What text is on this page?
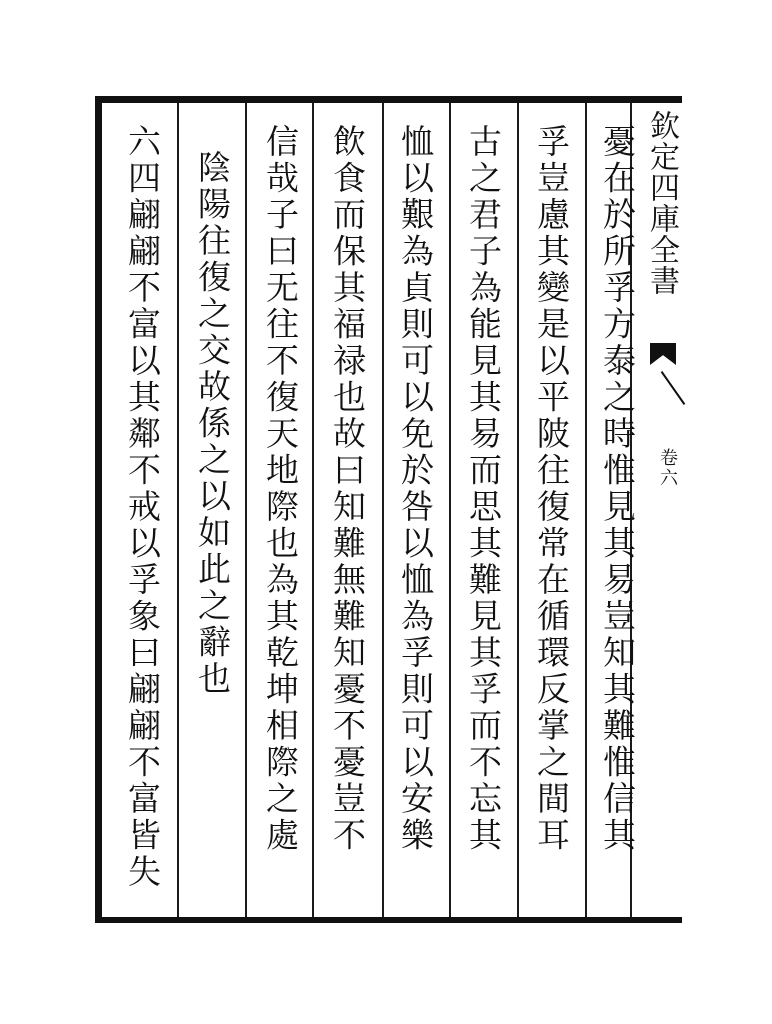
欽定四庫全書
卷六
憂在於所孚方泰之時惟見其易豈知其難惟信其
孚豈慮其變是以平陂往復常在循環反掌之間耳
古之君子為能見其易而思其難見其孚而不忘其
恤以艱為貞則可以免於咎以恤為孚則可以安樂
飲食而保其福禄也故曰知難無難知憂不憂豈不
信哉子曰无往不復天地際也為其乾坤相際之處
陰陽往復之交故係之以如此之辭也
六四翩翩不富以其鄰不戒以孚象曰翩翩不富皆失
